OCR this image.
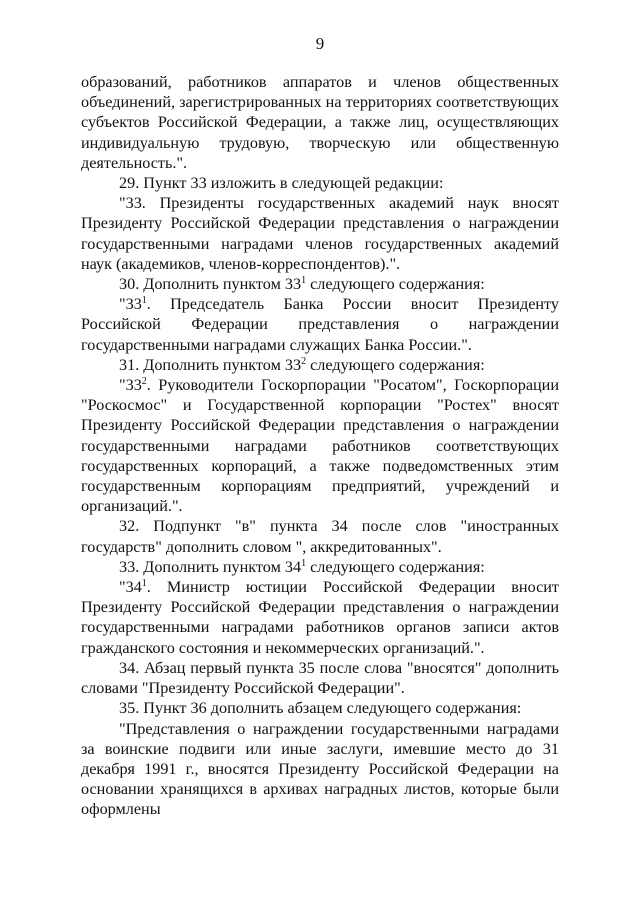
9

образований, работников аппаратов и членов общественных объединений, зарегистрированных на территориях соответствующих субъектов Российской Федерации, а также лиц, осуществляющих индивидуальную трудовую, творческую или общественную деятельность.".

29. Пункт 33 изложить в следующей редакции:

"33. Президенты государственных академий наук вносят Президенту Российской Федерации представления о награждении государственными наградами членов государственных академий наук (академиков, членов-корреспондентов).".

30. Дополнить пунктом $33^1$ следующего содержания:

"$33^1$. Председатель Банка России вносит Президенту Российской Федерации представления о награждении государственными наградами служащих Банка России.".

31. Дополнить пунктом $33^2$ следующего содержания:

"$33^2$. Руководители Госкорпорации "Росатом", Госкорпорации "Роскосмос" и Государственной корпорации "Ростех" вносят Президенту Российской Федерации представления о награждении государственными наградами работников соответствующих государственных корпораций, а также подведомственных этим государственным корпорациям предприятий, учреждений и организаций.".

32. Подпункт "в" пункта 34 после слов "иностранных государств" дополнить словом ", аккредитованных".

33. Дополнить пунктом $34^1$ следующего содержания:

"$34^1$. Министр юстиции Российской Федерации вносит Президенту Российской Федерации представления о награждении государственными наградами работников органов записи актов гражданского состояния и некоммерческих организаций.".

34. Абзац первый пункта 35 после слова "вносятся" дополнить словами "Президенту Российской Федерации".

35. Пункт 36 дополнить абзацем следующего содержания:

"Представления о награждении государственными наградами за воинские подвиги или иные заслуги, имевшие место до 31 декабря 1991 г., вносятся Президенту Российской Федерации на основании хранящихся в архивах наградных листов, которые были оформлены
